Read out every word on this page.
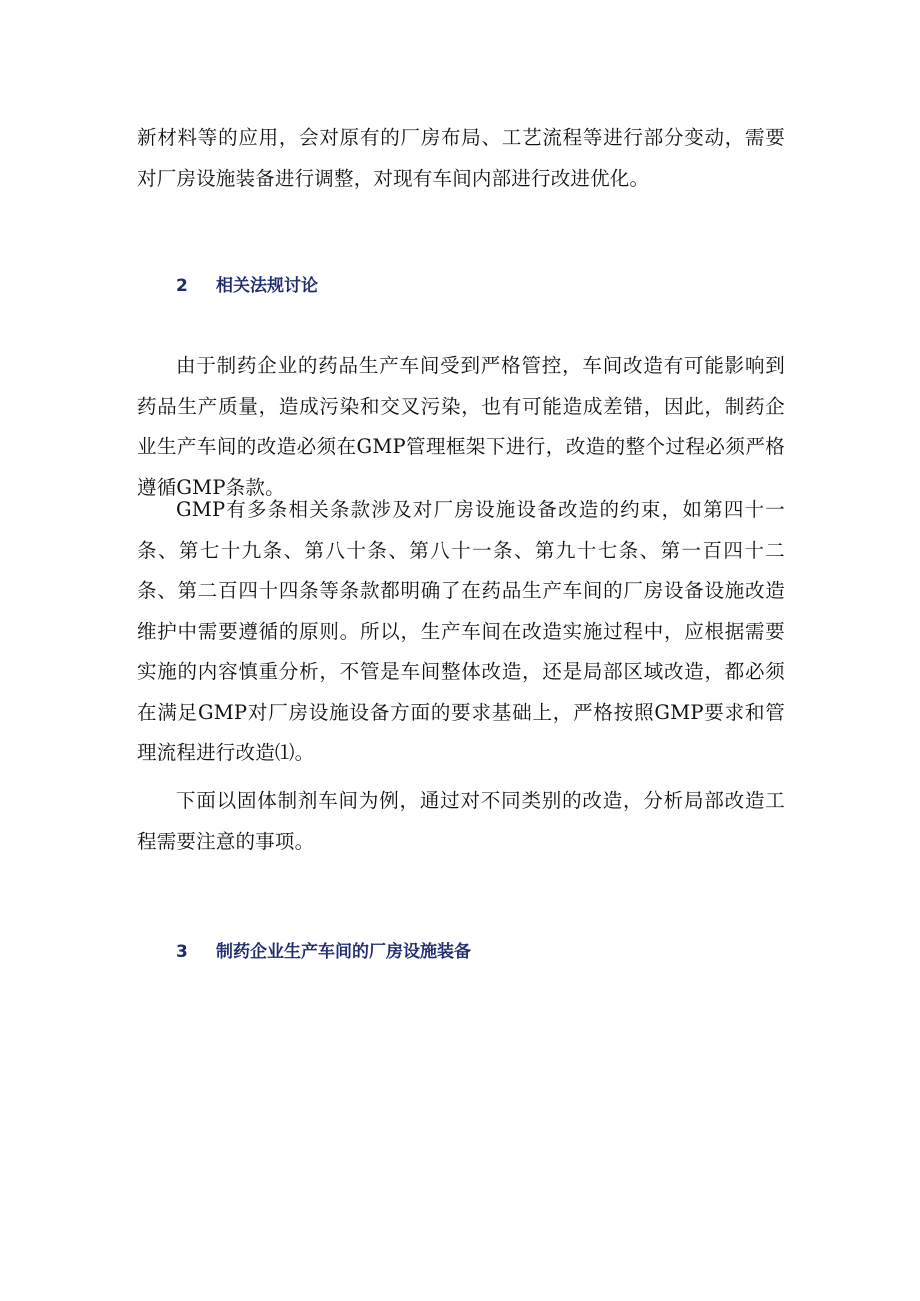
新材料等的应用，会对原有的厂房布局、工艺流程等进行部分变动，需要对厂房设施装备进行调整，对现有车间内部进行改进优化。

2 相关法规讨论

由于制药企业的药品生产车间受到严格管控，车间改造有可能影响到药品生产质量，造成污染和交叉污染，也有可能造成差错，因此，制药企业生产车间的改造必须在GMP管理框架下进行，改造的整个过程必须严格遵循GMP条款。

GMP有多条相关条款涉及对厂房设施设备改造的约束，如第四十一条、第七十九条、第八十条、第八十一条、第九十七条、第一百四十二条、第二百四十四条等条款都明确了在药品生产车间的厂房设备设施改造维护中需要遵循的原则。所以，生产车间在改造实施过程中，应根据需要实施的内容慎重分析，不管是车间整体改造，还是局部区域改造，都必须在满足GMP对厂房设施设备方面的要求基础上，严格按照GMP要求和管理流程进行改造⑴。

下面以固体制剂车间为例，通过对不同类别的改造，分析局部改造工程需要注意的事项。

3 制药企业生产车间的厂房设施装备
